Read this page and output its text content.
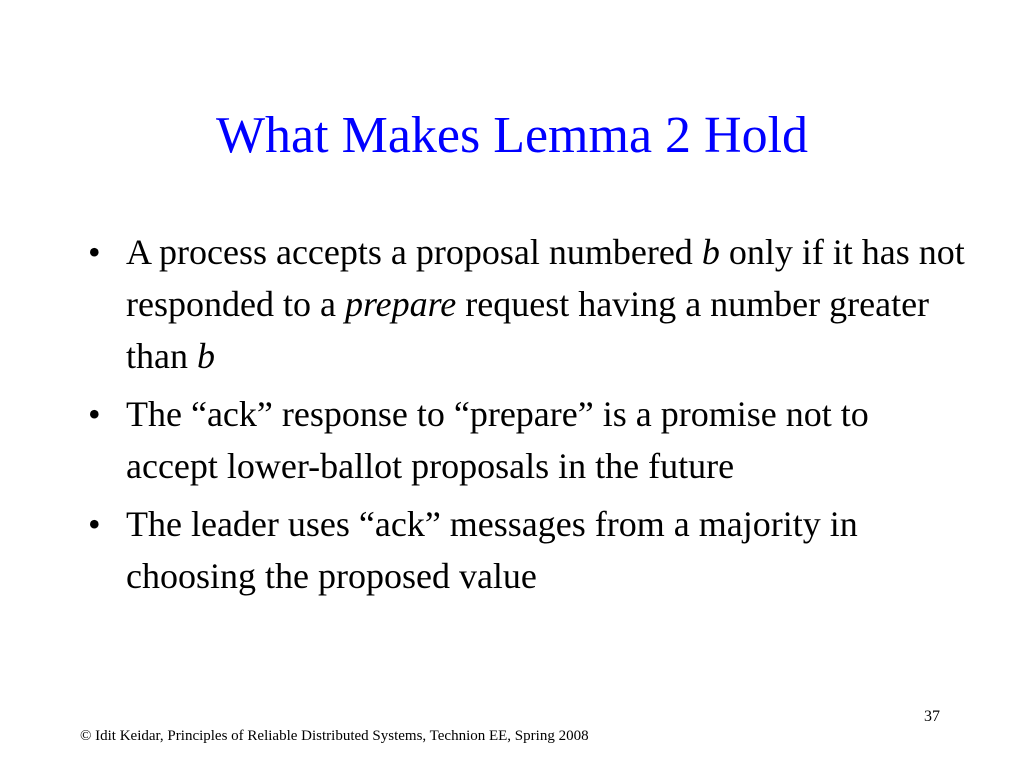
What Makes Lemma 2 Hold
• A process accepts a proposal numbered b only if it has not responded to a prepare request having a number greater than b
• The “ack” response to “prepare” is a promise not to accept lower-ballot proposals in the future
• The leader uses “ack” messages from a majority in choosing the proposed value
37
© Idit Keidar, Principles of Reliable Distributed Systems, Technion EE, Spring 2008
